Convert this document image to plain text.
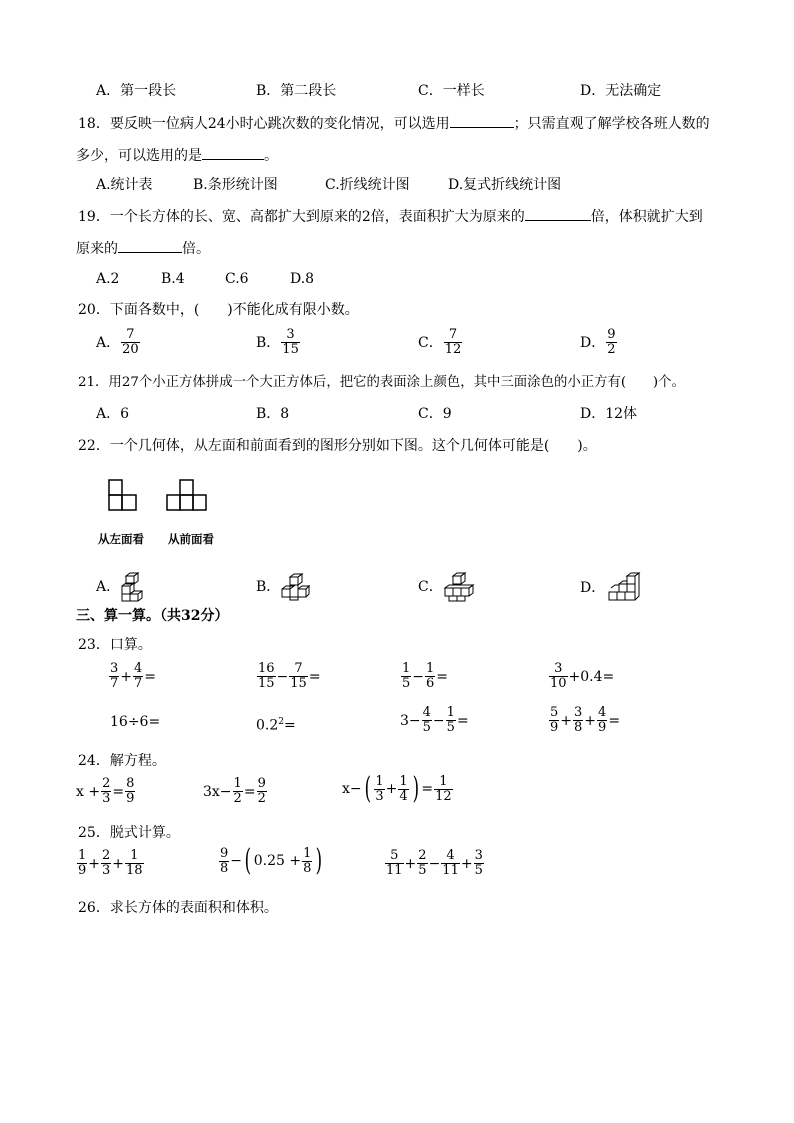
A．第一段长	B．第二段长	C．一样长	D．无法确定
18．要反映一位病人24小时心跳次数的变化情况，可以选用	；只需直观了解学校各班人数的
多少，可以选用的是	。
A.统计表	B.条形统计图	C.折线统计图	D.复式折线统计图
19．一个长方体的长、宽、高都扩大到原来的2倍，表面积扩大为原来的	倍，体积就扩大到
原来的	倍。
A.2	B.4	C.6	D.8
20．下面各数中，(　　)不能化成有限小数。
A． $\frac{7}{20}$	B． $\frac{3}{15}$	C． $\frac{7}{12}$	D． $\frac{9}{2}$
21．用27个小正方体拼成一个大正方体后，把它的表面涂上颜色，其中三面涂色的小正方有(　　)个。
A．6	B．8	C．9	D．12体
22．一个几何体，从左面和前面看到的图形分别如下图。这个几何体可能是(　　)。
从左面看 从前面看
A．	B．	C．	D．
三、算一算。（共32分）
23．口算。
$\frac{3}{7} + \frac{4}{7}$ =	$\frac{16}{15} - \frac{7}{15}$ =	$\frac{1}{5} - \frac{1}{6}$ =	$\frac{3}{10} +0.4=$
16÷6=	$0.2^2=$	$3- \frac{4}{5} - \frac{1}{5}$ =	$\frac{5}{9} + \frac{3}{8} + \frac{4}{9}$ =
24．解方程。
$x + \frac{2}{3} = \frac{8}{9}$	$3x- \frac{1}{2} = \frac{9}{2}$	x− ( $\frac{1}{3} + \frac{1}{4}$ ) = $\frac{1}{12}$
25．脱式计算。
$\frac{1}{9} + \frac{2}{3} + \frac{1}{18}$	$\frac{9}{8}$ − ( $0.25 + \frac{1}{8}$ )	$\frac{5}{11} + \frac{2}{5} - \frac{4}{11} + \frac{3}{5}$
26．求长方体的表面积和体积。
